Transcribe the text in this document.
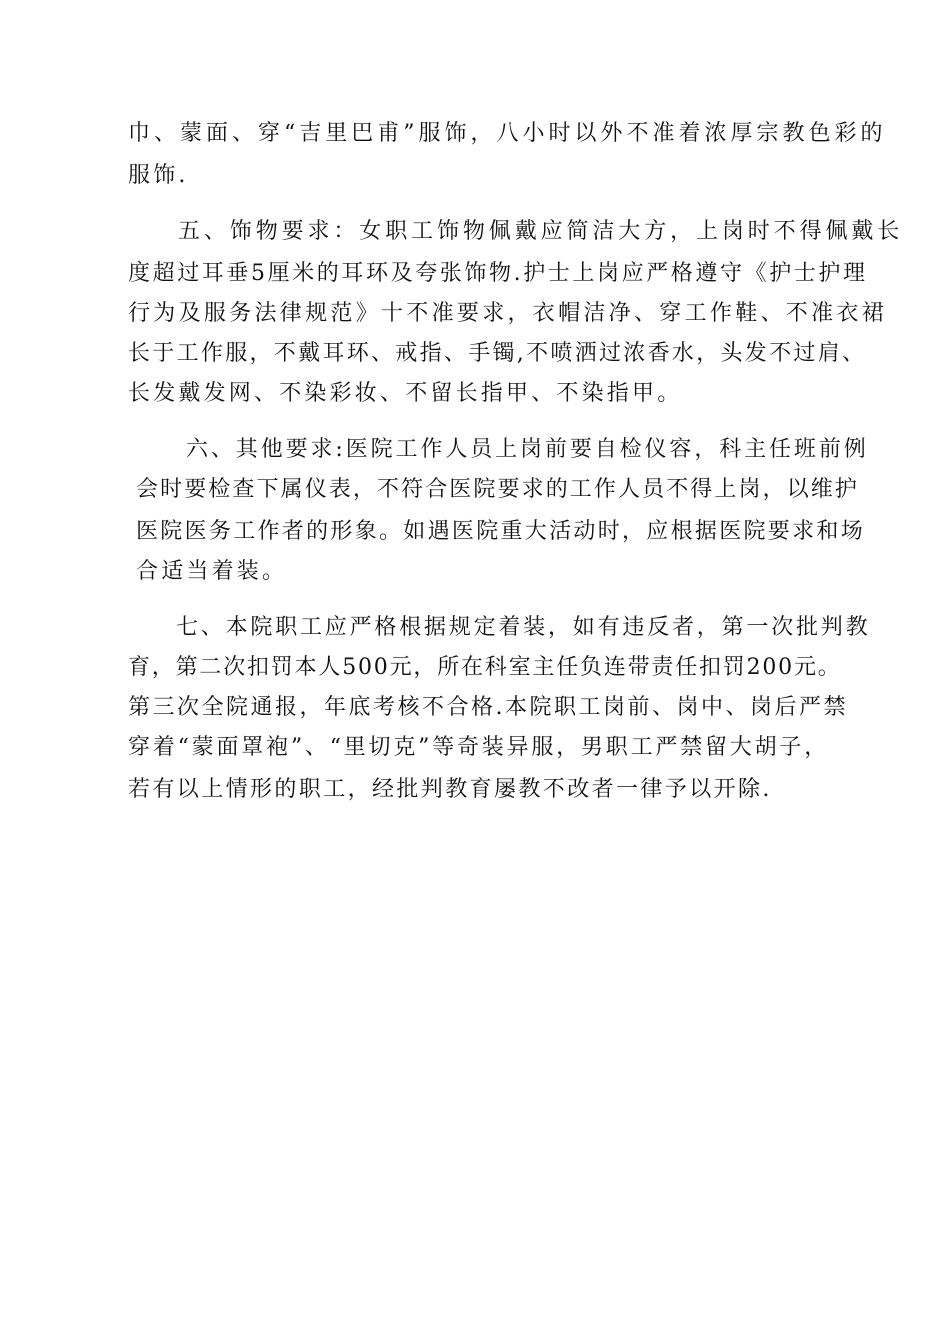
巾、蒙面、穿“吉里巴甫”服饰，八小时以外不准着浓厚宗教色彩的
服饰.
五、饰物要求：女职工饰物佩戴应简洁大方，上岗时不得佩戴长
度超过耳垂5厘米的耳环及夸张饰物.护士上岗应严格遵守《护士护理
行为及服务法律规范》十不准要求，衣帽洁净、穿工作鞋、不准衣裙
长于工作服，不戴耳环、戒指、手镯,不喷洒过浓香水，头发不过肩、
长发戴发网、不染彩妆、不留长指甲、不染指甲。
六、其他要求:医院工作人员上岗前要自检仪容，科主任班前例
会时要检查下属仪表，不符合医院要求的工作人员不得上岗，以维护
医院医务工作者的形象。如遇医院重大活动时，应根据医院要求和场
合适当着装。
七、本院职工应严格根据规定着装，如有违反者，第一次批判教
育，第二次扣罚本人500元，所在科室主任负连带责任扣罚200元。
第三次全院通报，年底考核不合格.本院职工岗前、岗中、岗后严禁
穿着“蒙面罩袍”、“里切克”等奇装异服，男职工严禁留大胡子，
若有以上情形的职工，经批判教育屡教不改者一律予以开除.
